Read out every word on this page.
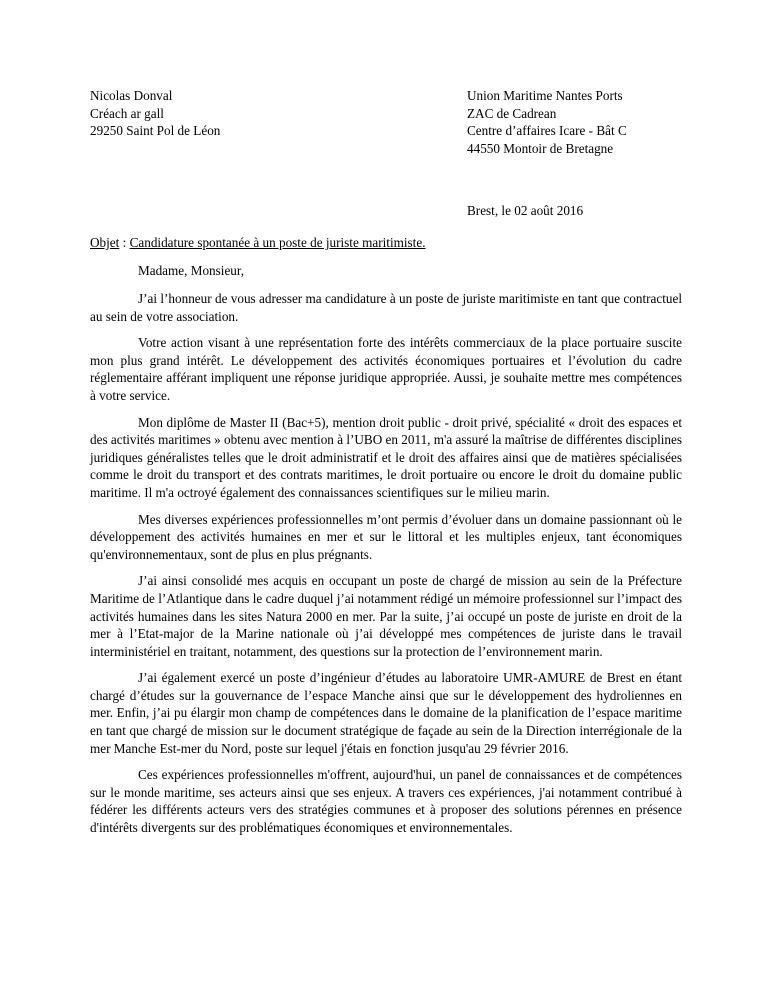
Nicolas Donval
Créach ar gall
29250 Saint Pol de Léon
Union Maritime Nantes Ports
ZAC de Cadrean
Centre d’affaires Icare - Bât C
44550 Montoir de Bretagne
Brest, le 02 août 2016
Objet : Candidature spontanée à un poste de juriste maritimiste.
Madame, Monsieur,

J’ai l’honneur de vous adresser ma candidature à un poste de juriste maritimiste en tant que contractuel au sein de votre association.

Votre action visant à une représentation forte des intérêts commerciaux de la place portuaire suscite mon plus grand intérêt. Le développement des activités économiques portuaires et l’évolution du cadre réglementaire afférant impliquent une réponse juridique appropriée. Aussi, je souhaite mettre mes compétences à votre service.

Mon diplôme de Master II (Bac+5), mention droit public - droit privé, spécialité « droit des espaces et des activités maritimes » obtenu avec mention à l’UBO en 2011, m'a assuré la maîtrise de différentes disciplines juridiques généralistes telles que le droit administratif et le droit des affaires ainsi que de matières spécialisées comme le droit du transport et des contrats maritimes, le droit portuaire ou encore le droit du domaine public maritime. Il m'a octroyé également des connaissances scientifiques sur le milieu marin.

Mes diverses expériences professionnelles m’ont permis d’évoluer dans un domaine passionnant où le développement des activités humaines en mer et sur le littoral et les multiples enjeux, tant économiques qu'environnementaux, sont de plus en plus prégnants.

J’ai ainsi consolidé mes acquis en occupant un poste de chargé de mission au sein de la Préfecture Maritime de l’Atlantique dans le cadre duquel j’ai notamment rédigé un mémoire professionnel sur l’impact des activités humaines dans les sites Natura 2000 en mer. Par la suite, j’ai occupé un poste de juriste en droit de la mer à l’Etat-major de la Marine nationale où j’ai développé mes compétences de juriste dans le travail interministériel en traitant, notamment, des questions sur la protection de l’environnement marin.

J’ai également exercé un poste d’ingénieur d’études au laboratoire UMR-AMURE de Brest en étant chargé d’études sur la gouvernance de l’espace Manche ainsi que sur le développement des hydroliennes en mer. Enfin, j’ai pu élargir mon champ de compétences dans le domaine de la planification de l’espace maritime en tant que chargé de mission sur le document stratégique de façade au sein de la Direction interrégionale de la mer Manche Est-mer du Nord, poste sur lequel j'étais en fonction jusqu'au 29 février 2016.

Ces expériences professionnelles m'offrent, aujourd'hui, un panel de connaissances et de compétences sur le monde maritime, ses acteurs ainsi que ses enjeux. A travers ces expériences, j'ai notamment contribué à fédérer les différents acteurs vers des stratégies communes et à proposer des solutions pérennes en présence d'intérêts divergents sur des problématiques économiques et environnementales.
